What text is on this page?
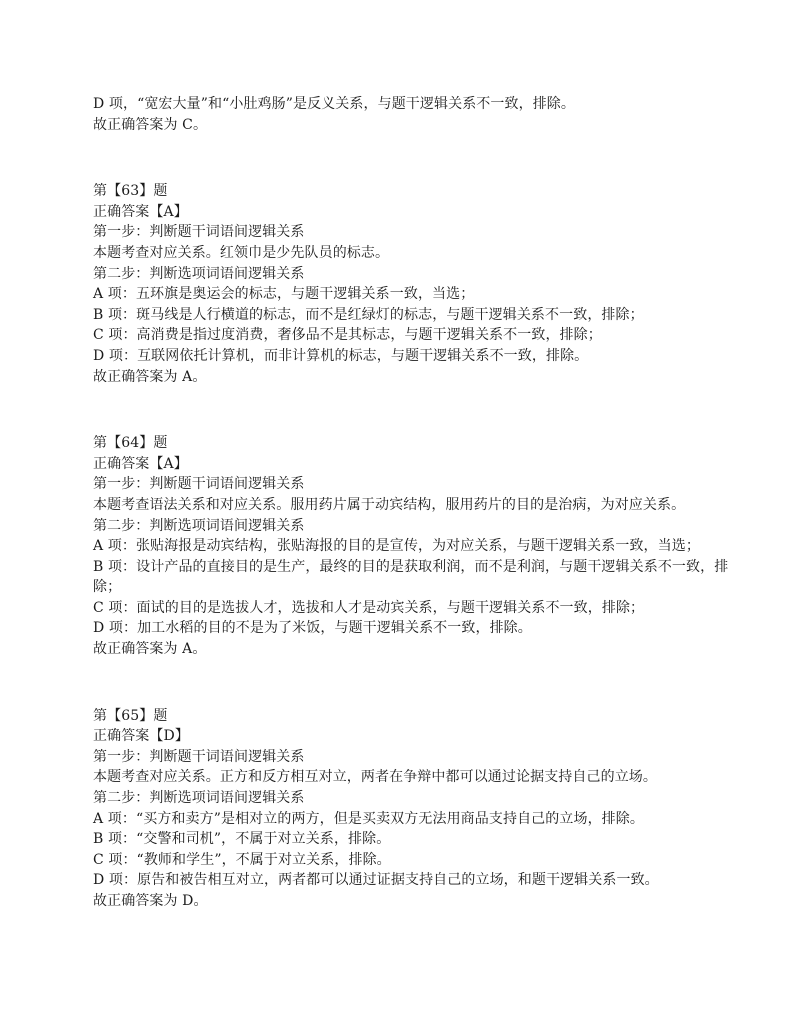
D 项，“宽宏大量”和“小肚鸡肠”是反义关系，与题干逻辑关系不一致，排除。
故正确答案为 C。
第【63】题
正确答案【A】
第一步：判断题干词语间逻辑关系
本题考查对应关系。红领巾是少先队员的标志。
第二步：判断选项词语间逻辑关系
A 项：五环旗是奥运会的标志，与题干逻辑关系一致，当选；
B 项：斑马线是人行横道的标志，而不是红绿灯的标志，与题干逻辑关系不一致，排除；
C 项：高消费是指过度消费，奢侈品不是其标志，与题干逻辑关系不一致，排除；
D 项：互联网依托计算机，而非计算机的标志，与题干逻辑关系不一致，排除。
故正确答案为 A。
第【64】题
正确答案【A】
第一步：判断题干词语间逻辑关系
本题考查语法关系和对应关系。服用药片属于动宾结构，服用药片的目的是治病，为对应关系。
第二步：判断选项词语间逻辑关系
A 项：张贴海报是动宾结构，张贴海报的目的是宣传，为对应关系，与题干逻辑关系一致，当选；
B 项：设计产品的直接目的是生产，最终的目的是获取利润，而不是利润，与题干逻辑关系不一致，排除；
C 项：面试的目的是选拔人才，选拔和人才是动宾关系，与题干逻辑关系不一致，排除；
D 项：加工水稻的目的不是为了米饭，与题干逻辑关系不一致，排除。
故正确答案为 A。
第【65】题
正确答案【D】
第一步：判断题干词语间逻辑关系
本题考查对应关系。正方和反方相互对立，两者在争辩中都可以通过论据支持自己的立场。
第二步：判断选项词语间逻辑关系
A 项：“买方和卖方”是相对立的两方，但是买卖双方无法用商品支持自己的立场，排除。
B 项：“交警和司机”，不属于对立关系，排除。
C 项：“教师和学生”，不属于对立关系，排除。
D 项：原告和被告相互对立，两者都可以通过证据支持自己的立场，和题干逻辑关系一致。
故正确答案为 D。
